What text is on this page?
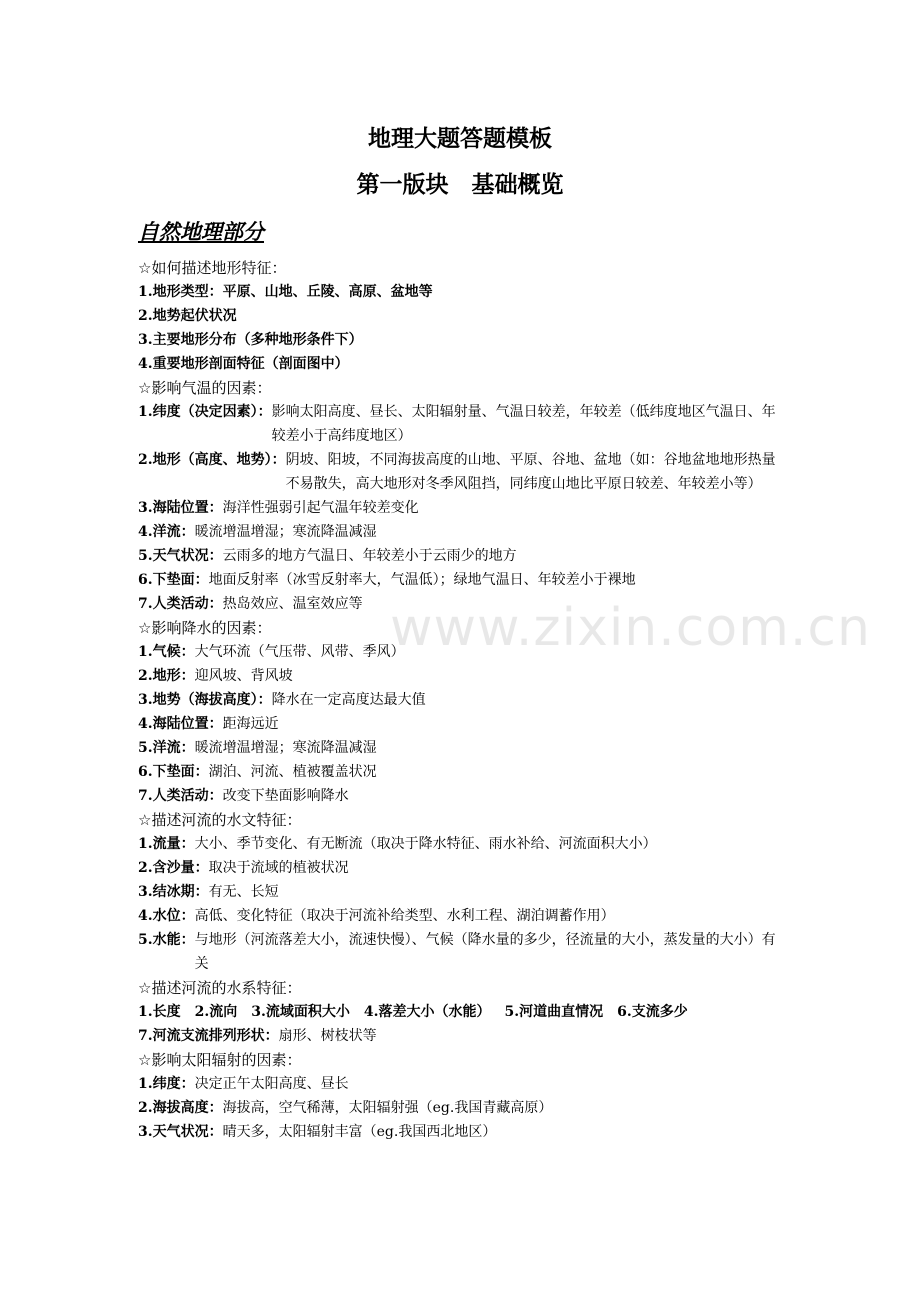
地理大题答题模板
第一版块　基础概览
自然地理部分
☆如何描述地形特征：
1.地形类型：平原、山地、丘陵、高原、盆地等
2.地势起伏状况
3.主要地形分布（多种地形条件下）
4.重要地形剖面特征（剖面图中）
☆影响气温的因素：
1.纬度（决定因素）： 影响太阳高度、昼长、太阳辐射量、气温日较差，年较差（低纬度地区气温日、年较差小于高纬度地区）
2.地形（高度、地势）： 阴坡、阳坡，不同海拔高度的山地、平原、谷地、盆地（如：谷地盆地地形热量不易散失，高大地形对冬季风阻挡，同纬度山地比平原日较差、年较差小等）
3.海陆位置： 海洋性强弱引起气温年较差变化
4.洋流： 暖流增温增湿；寒流降温减湿
5.天气状况： 云雨多的地方气温日、年较差小于云雨少的地方
6.下垫面： 地面反射率（冰雪反射率大，气温低）；绿地气温日、年较差小于裸地
7.人类活动： 热岛效应、温室效应等
☆影响降水的因素：
1.气候： 大气环流（气压带、风带、季风）
2.地形： 迎风坡、背风坡
3.地势（海拔高度）： 降水在一定高度达最大值
4.海陆位置： 距海远近
5.洋流： 暖流增温增湿；寒流降温减湿
6.下垫面： 湖泊、河流、植被覆盖状况
7.人类活动： 改变下垫面影响降水
☆描述河流的水文特征：
1.流量： 大小、季节变化、有无断流（取决于降水特征、雨水补给、河流面积大小）
2.含沙量： 取决于流域的植被状况
3.结冰期： 有无、长短
4.水位： 高低、变化特征（取决于河流补给类型、水利工程、湖泊调蓄作用）
5.水能： 与地形（河流落差大小，流速快慢）、气候（降水量的多少，径流量的大小，蒸发量的大小）有关
☆描述河流的水系特征：
1.长度 2.流向 3.流域面积大小 4.落差大小（水能） 5.河道曲直情况 6.支流多少
7.河流支流排列形状： 扇形、树枝状等
☆影响太阳辐射的因素：
1.纬度： 决定正午太阳高度、昼长
2.海拔高度： 海拔高，空气稀薄，太阳辐射强（eg.我国青藏高原）
3.天气状况： 晴天多，太阳辐射丰富（eg.我国西北地区）
www.zixin.com.cn
